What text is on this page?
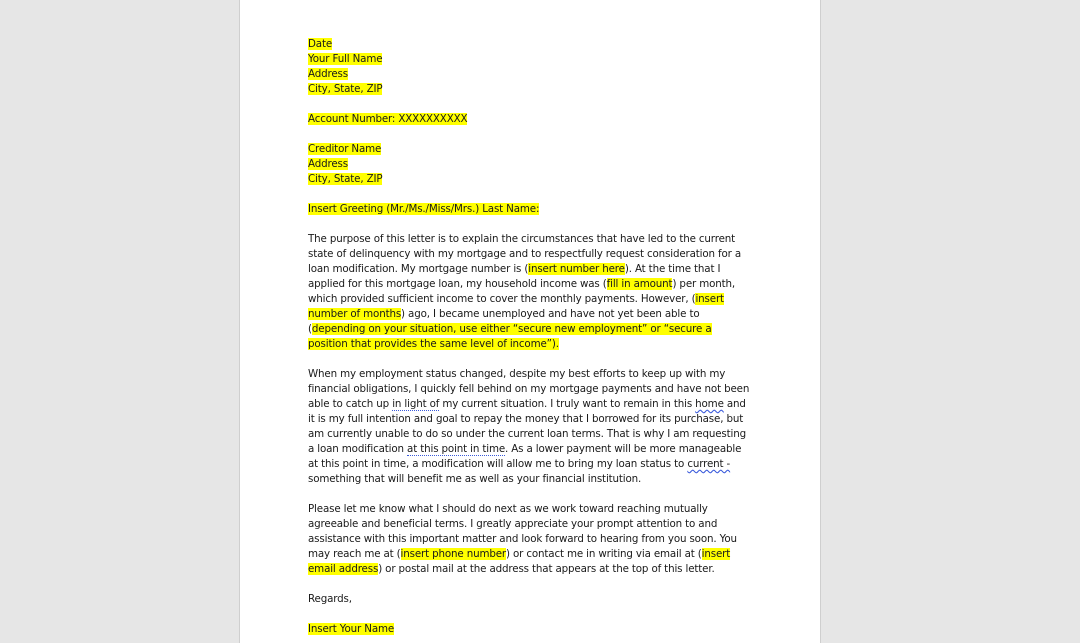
Date
Your Full Name
Address
City, State, ZIP

Account Number: XXXXXXXXXX

Creditor Name
Address
City, State, ZIP

Insert Greeting (Mr./Ms./Miss/Mrs.) Last Name:

The purpose of this letter is to explain the circumstances that have led to the current state of delinquency with my mortgage and to respectfully request consideration for a loan modification. My mortgage number is (insert number here). At the time that I applied for this mortgage loan, my household income was (fill in amount) per month, which provided sufficient income to cover the monthly payments. However, (insert number of months) ago, I became unemployed and have not yet been able to (depending on your situation, use either “secure new employment” or “secure a position that provides the same level of income”).

When my employment status changed, despite my best efforts to keep up with my financial obligations, I quickly fell behind on my mortgage payments and have not been able to catch up in light of my current situation. I truly want to remain in this home and it is my full intention and goal to repay the money that I borrowed for its purchase, but am currently unable to do so under the current loan terms. That is why I am requesting a loan modification at this point in time. As a lower payment will be more manageable at this point in time, a modification will allow me to bring my loan status to current - something that will benefit me as well as your financial institution.

Please let me know what I should do next as we work toward reaching mutually agreeable and beneficial terms. I greatly appreciate your prompt attention to and assistance with this important matter and look forward to hearing from you soon. You may reach me at (insert phone number) or contact me in writing via email at (insert email address) or postal mail at the address that appears at the top of this letter.

Regards,

Insert Your Name
